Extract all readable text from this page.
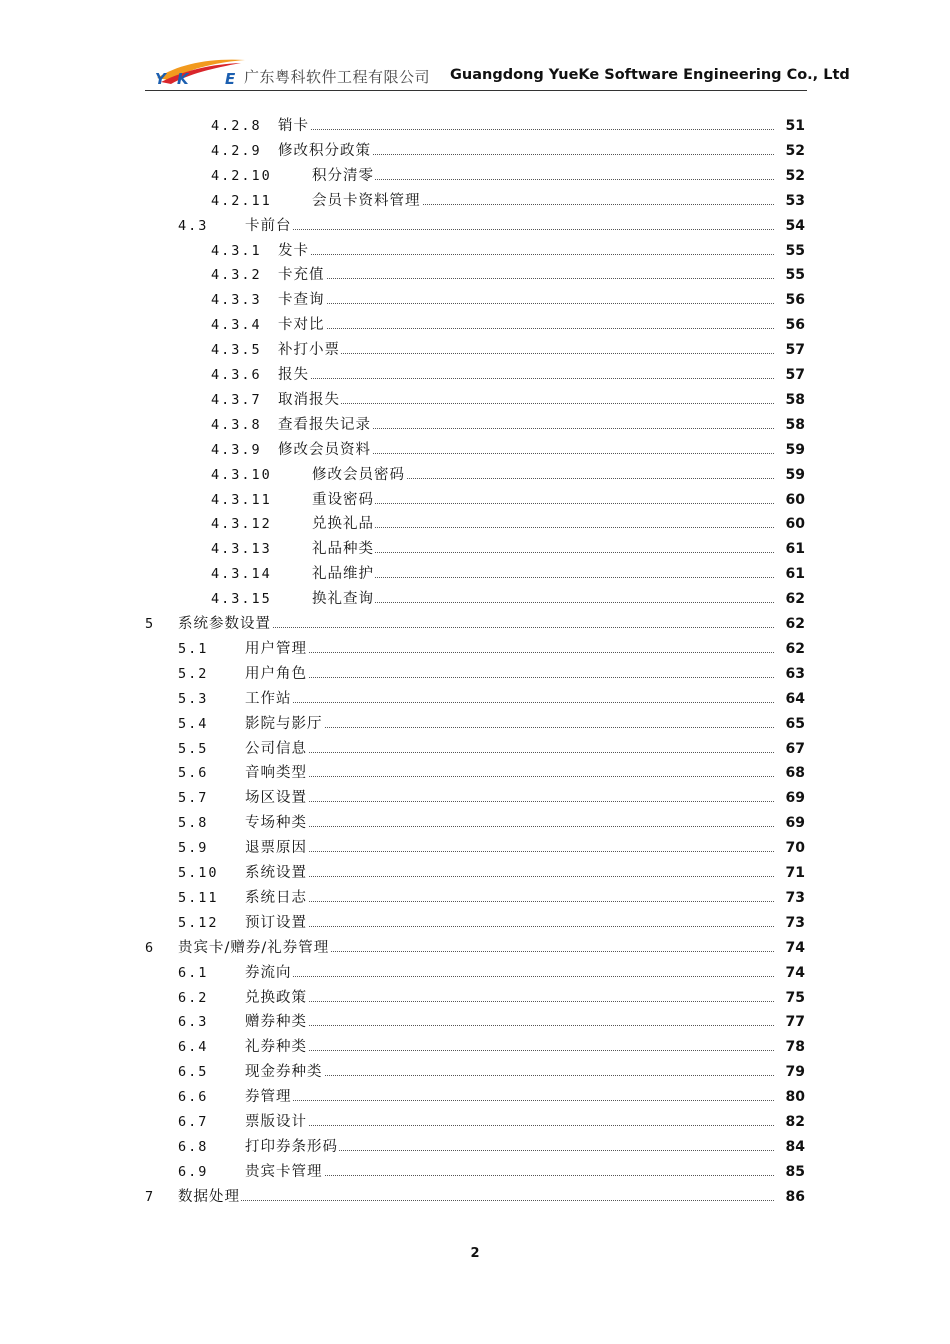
Y K E 广东粤科软件工程有限公司 Guangdong YueKe Software Engineering Co., Ltd
4.2.8 销卡	51
4.2.9 修改积分政策	52
4.2.10	积分清零	52
4.2.11	会员卡资料管理	53
4.3	卡前台	54
4.3.1 发卡	55
4.3.2 卡充值	55
4.3.3 卡查询	56
4.3.4 卡对比	56
4.3.5 补打小票	57
4.3.6 报失	57
4.3.7 取消报失	58
4.3.8 查看报失记录	58
4.3.9 修改会员资料	59
4.3.10	修改会员密码	59
4.3.11	重设密码	60
4.3.12	兑换礼品	60
4.3.13	礼品种类	61
4.3.14	礼品维护	61
4.3.15	换礼查询	62
5 系统参数设置	62
5.1	用户管理	62
5.2	用户角色	63
5.3	工作站	64
5.4	影院与影厅	65
5.5	公司信息	67
5.6	音响类型	68
5.7	场区设置	69
5.8	专场种类	69
5.9	退票原因	70
5.10 系统设置	71
5.11 系统日志	73
5.12 预订设置	73
6 贵宾卡/赠券/礼券管理	74
6.1	券流向	74
6.2	兑换政策	75
6.3	赠券种类	77
6.4	礼券种类	78
6.5	现金券种类	79
6.6	券管理	80
6.7	票版设计	82
6.8	打印券条形码	84
6.9	贵宾卡管理	85
7 数据处理	86
2
